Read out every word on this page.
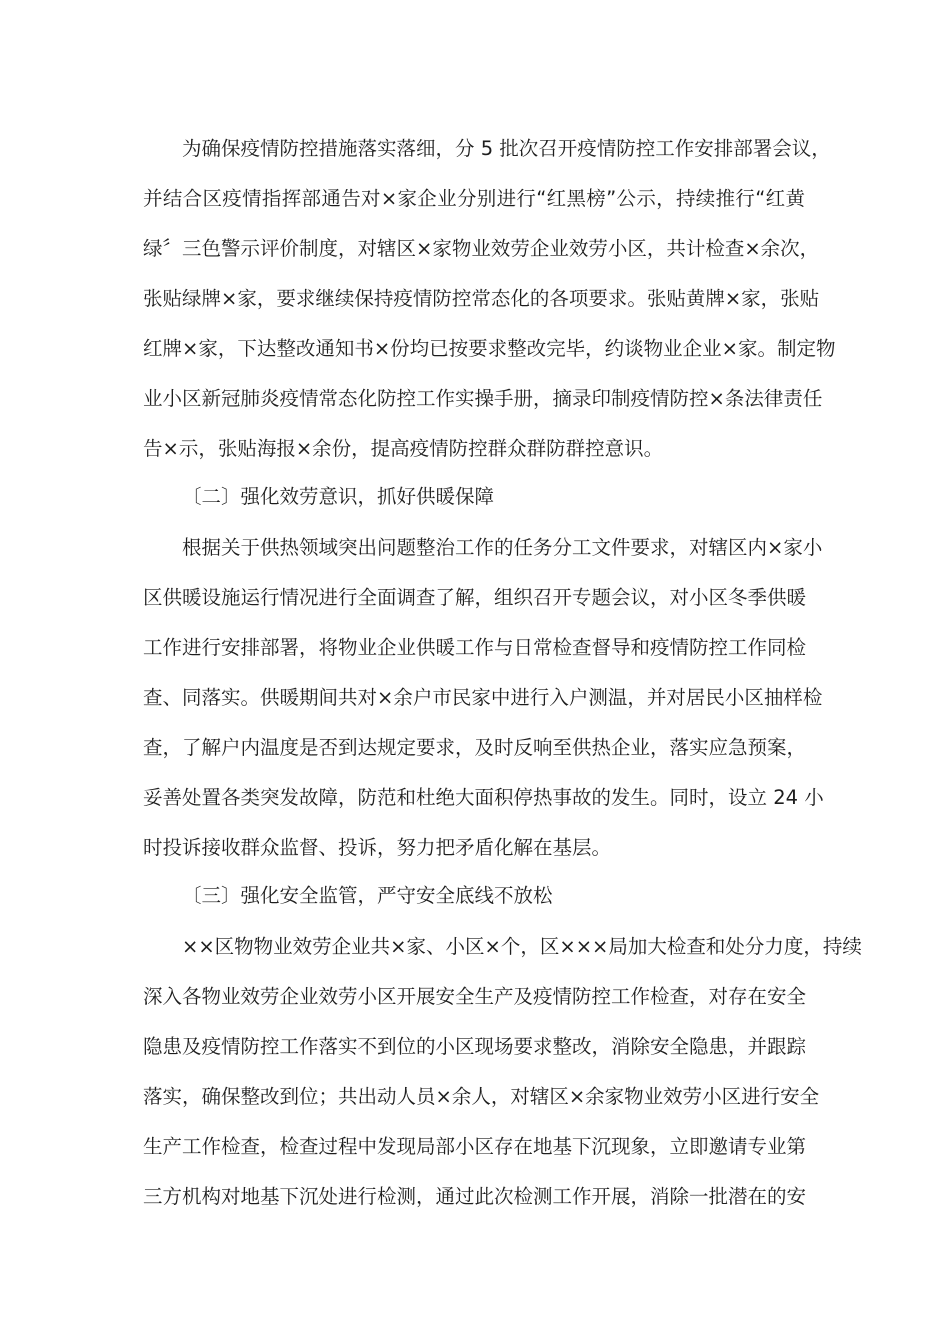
为确保疫情防控措施落实落细，分 5 批次召开疫情防控工作安排部署会议，
并结合区疫情指挥部通告对×家企业分别进行“红黑榜”公示，持续推行“红黄
绿〞三色警示评价制度，对辖区×家物业效劳企业效劳小区，共计检查×余次，
张贴绿牌×家，要求继续保持疫情防控常态化的各项要求。张贴黄牌×家，张贴
红牌×家，下达整改通知书×份均已按要求整改完毕，约谈物业企业×家。制定物
业小区新冠肺炎疫情常态化防控工作实操手册，摘录印制疫情防控×条法律责任
告×示，张贴海报×余份，提高疫情防控群众群防群控意识。
〔二〕强化效劳意识，抓好供暖保障
根据关于供热领域突出问题整治工作的任务分工文件要求，对辖区内×家小
区供暖设施运行情况进行全面调查了解，组织召开专题会议，对小区冬季供暖
工作进行安排部署，将物业企业供暖工作与日常检查督导和疫情防控工作同检
查、同落实。供暖期间共对×余户市民家中进行入户测温，并对居民小区抽样检
查，了解户内温度是否到达规定要求，及时反响至供热企业，落实应急预案，
妥善处置各类突发故障，防范和杜绝大面积停热事故的发生。同时，设立 24 小
时投诉接收群众监督、投诉，努力把矛盾化解在基层。
〔三〕强化安全监管，严守安全底线不放松
××区物物业效劳企业共×家、小区×个，区×××局加大检查和处分力度，持续
深入各物业效劳企业效劳小区开展安全生产及疫情防控工作检查，对存在安全
隐患及疫情防控工作落实不到位的小区现场要求整改，消除安全隐患，并跟踪
落实，确保整改到位；共出动人员×余人，对辖区×余家物业效劳小区进行安全
生产工作检查，检查过程中发现局部小区存在地基下沉现象，立即邀请专业第
三方机构对地基下沉处进行检测，通过此次检测工作开展，消除一批潜在的安
